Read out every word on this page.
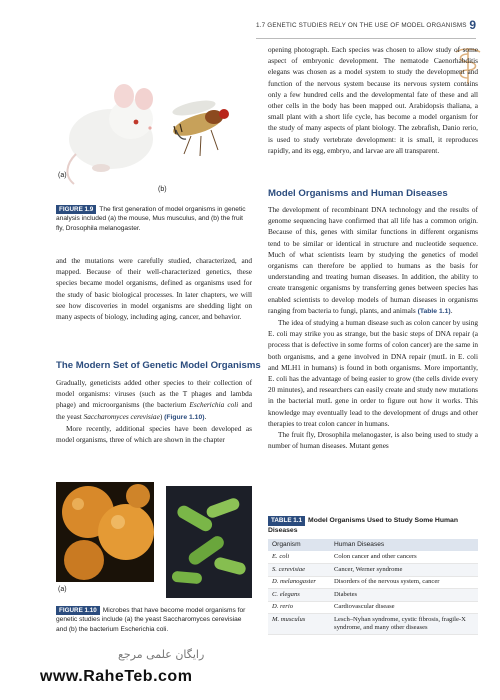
1.7 GENETIC STUDIES RELY ON THE USE OF MODEL ORGANISMS 9
(a)
(b)
FIGURE 1.9 The first generation of model organisms in genetic analysis included (a) the mouse, Mus musculus, and (b) the fruit fly, Drosophila melanogaster.

and the mutations were carefully studied, characterized, and mapped. Because of their well-characterized genetics, these species became model organisms, defined as organisms used for the study of basic biological processes. In later chapters, we will see how discoveries in model organisms are shedding light on many aspects of biology, including aging, cancer, and behavior.

The Modern Set of Genetic Model Organisms

Gradually, geneticists added other species to their collection of model organisms: viruses (such as the T phages and lambda phage) and microorganisms (the bacterium Escherichia coli and the yeast Saccharomyces cerevisiae) (Figure 1.10).

More recently, additional species have been developed as model organisms, three of which are shown in the chapter

(a)
FIGURE 1.10 Microbes that have become model organisms for genetic studies include (a) the yeast Saccharomyces cerevisiae and (b) the bacterium Escherichia coli.

opening photograph. Each species was chosen to allow study of some aspect of embryonic development. The nematode Caenorhabditis elegans was chosen as a model system to study the development and function of the nervous system because its nervous system contains only a few hundred cells and the developmental fate of these and all other cells in the body has been mapped out. Arabidopsis thaliana, a small plant with a short life cycle, has become a model organism for the study of many aspects of plant biology. The zebrafish, Danio rerio, is used to study vertebrate development: it is small, it reproduces rapidly, and its egg, embryo, and larvae are all transparent.

Model Organisms and Human Diseases

The development of recombinant DNA technology and the results of genome sequencing have confirmed that all life has a common origin. Because of this, genes with similar functions in different organisms tend to be similar or identical in structure and nucleotide sequence. Much of what scientists learn by studying the genetics of model organisms can therefore be applied to humans as the basis for understanding and treating human diseases. In addition, the ability to create transgenic organisms by transferring genes between species has enabled scientists to develop models of human diseases in organisms ranging from bacteria to fungi, plants, and animals (Table 1.1).

The idea of studying a human disease such as colon cancer by using E. coli may strike you as strange, but the basic steps of DNA repair (a process that is defective in some forms of colon cancer) are the same in both organisms, and a gene involved in DNA repair (mutL in E. coli and MLH1 in humans) is found in both organisms. More importantly, E. coli has the advantage of being easier to grow (the cells divide every 20 minutes), and researchers can easily create and study new mutations in the bacterial mutL gene in order to figure out how it works. This knowledge may eventually lead to the development of drugs and other therapies to treat colon cancer in humans.

The fruit fly, Drosophila melanogaster, is also being used to study a number of human diseases. Mutant genes

TABLE 1.1 Model Organisms Used to Study Some Human Diseases
Organism	Human Diseases
E. coli	Colon cancer and other cancers
S. cerevisiae	Cancer, Werner syndrome
D. melanogaster	Disorders of the nervous system, cancer
C. elegans	Diabetes
D. rerio	Cardiovascular disease
M. musculus	Lesch–Nyhan syndrome, cystic fibrosis, fragile-X syndrome, and many other diseases
رایگان علمی مرجع
www.RaheTeb.com
